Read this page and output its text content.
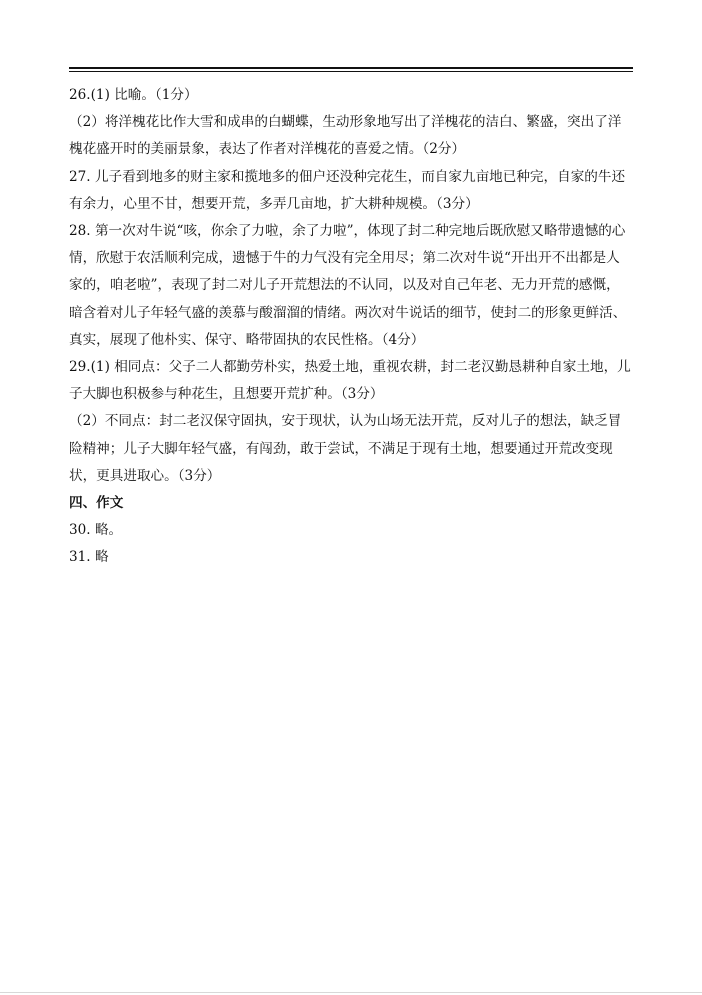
26.(1) 比喻。（1分）

（2）将洋槐花比作大雪和成串的白蝴蝶，生动形象地写出了洋槐花的洁白、繁盛，突出了洋槐花盛开时的美丽景象，表达了作者对洋槐花的喜爱之情。（2分）

27. 儿子看到地多的财主家和揽地多的佃户还没种完花生，而自家九亩地已种完，自家的牛还有余力，心里不甘，想要开荒，多弄几亩地，扩大耕种规模。（3分）

28. 第一次对牛说“咳，你余了力啦，余了力啦”，体现了封二种完地后既欣慰又略带遗憾的心情，欣慰于农活顺利完成，遗憾于牛的力气没有完全用尽；第二次对牛说“开出开不出都是人家的，咱老啦”，表现了封二对儿子开荒想法的不认同，以及对自己年老、无力开荒的感慨，暗含着对儿子年轻气盛的羡慕与酸溜溜的情绪。两次对牛说话的细节，使封二的形象更鲜活、真实，展现了他朴实、保守、略带固执的农民性格。（4分）

29.(1) 相同点：父子二人都勤劳朴实，热爱土地，重视农耕，封二老汉勤恳耕种自家土地，儿子大脚也积极参与种花生，且想要开荒扩种。（3分）

（2）不同点：封二老汉保守固执，安于现状，认为山场无法开荒，反对儿子的想法，缺乏冒险精神；儿子大脚年轻气盛，有闯劲，敢于尝试，不满足于现有土地，想要通过开荒改变现状，更具进取心。（3分）

四、作文

30. 略。

31. 略
